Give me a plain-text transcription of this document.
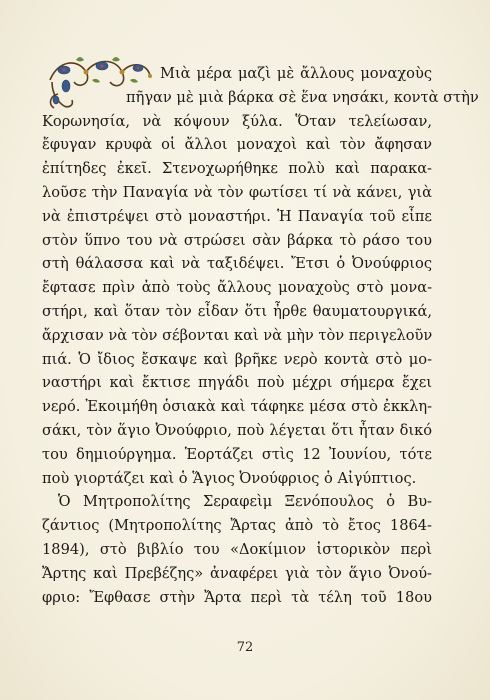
Μιὰ μέρα μαζὶ μὲ ἄλλους μοναχοὺς
πῆγαν μὲ μιὰ βάρκα σὲ ἕνα νησάκι, κοντὰ στὴν
Κορωνησία, νὰ κόψουν ξύλα. Ὅταν τελείωσαν,
ἔφυγαν κρυφὰ οἱ ἄλλοι μοναχοὶ καὶ τὸν ἄφησαν
ἐπίτηδες ἐκεῖ. Στενοχωρήθηκε πολὺ καὶ παρακα-
λοῦσε τὴν Παναγία νὰ τὸν φωτίσει τί νὰ κάνει, γιὰ
νὰ ἐπιστρέψει στὸ μοναστήρι. Ἡ Παναγία τοῦ εἶπε
στὸν ὕπνο του νὰ στρώσει σὰν βάρκα τὸ ράσο του
στὴ θάλασσα καὶ νὰ ταξιδέψει. Ἔτσι ὁ Ὀνούφριος
ἔφτασε πρὶν ἀπὸ τοὺς ἄλλους μοναχοὺς στὸ μονα-
στήρι, καὶ ὅταν τὸν εἶδαν ὅτι ἦρθε θαυματουργικά,
ἄρχισαν νὰ τὸν σέβονται καὶ νὰ μὴν τὸν περιγελοῦν
πιά. Ὁ ἴδιος ἔσκαψε καὶ βρῆκε νερὸ κοντὰ στὸ μο-
ναστήρι καὶ ἔκτισε πηγάδι ποὺ μέχρι σήμερα ἔχει
νερό. Ἐκοιμήθη ὁσιακὰ καὶ τάφηκε μέσα στὸ ἐκκλη-
σάκι, τὸν ἅγιο Ὀνούφριο, ποὺ λέγεται ὅτι ἦταν δικό
του δημιούργημα. Ἑορτάζει στὶς 12 Ἰουνίου, τότε
ποὺ γιορτάζει καὶ ὁ Ἅγιος Ὀνούφριος ὁ Αἰγύπτιος.
Ὁ Μητροπολίτης Σεραφεὶμ Ξενόπουλος ὁ Βυ-
ζάντιος (Μητροπολίτης Ἄρτας ἀπὸ τὸ ἔτος 1864-
1894), στὸ βιβλίο του «Δοκίμιον ἱστορικὸν περὶ
Ἄρτης καὶ Πρεβέζης» ἀναφέρει γιὰ τὸν ἅγιο Ὀνού-
φριο: Ἔφθασε στὴν Ἄρτα περὶ τὰ τέλη τοῦ 18ου
72
